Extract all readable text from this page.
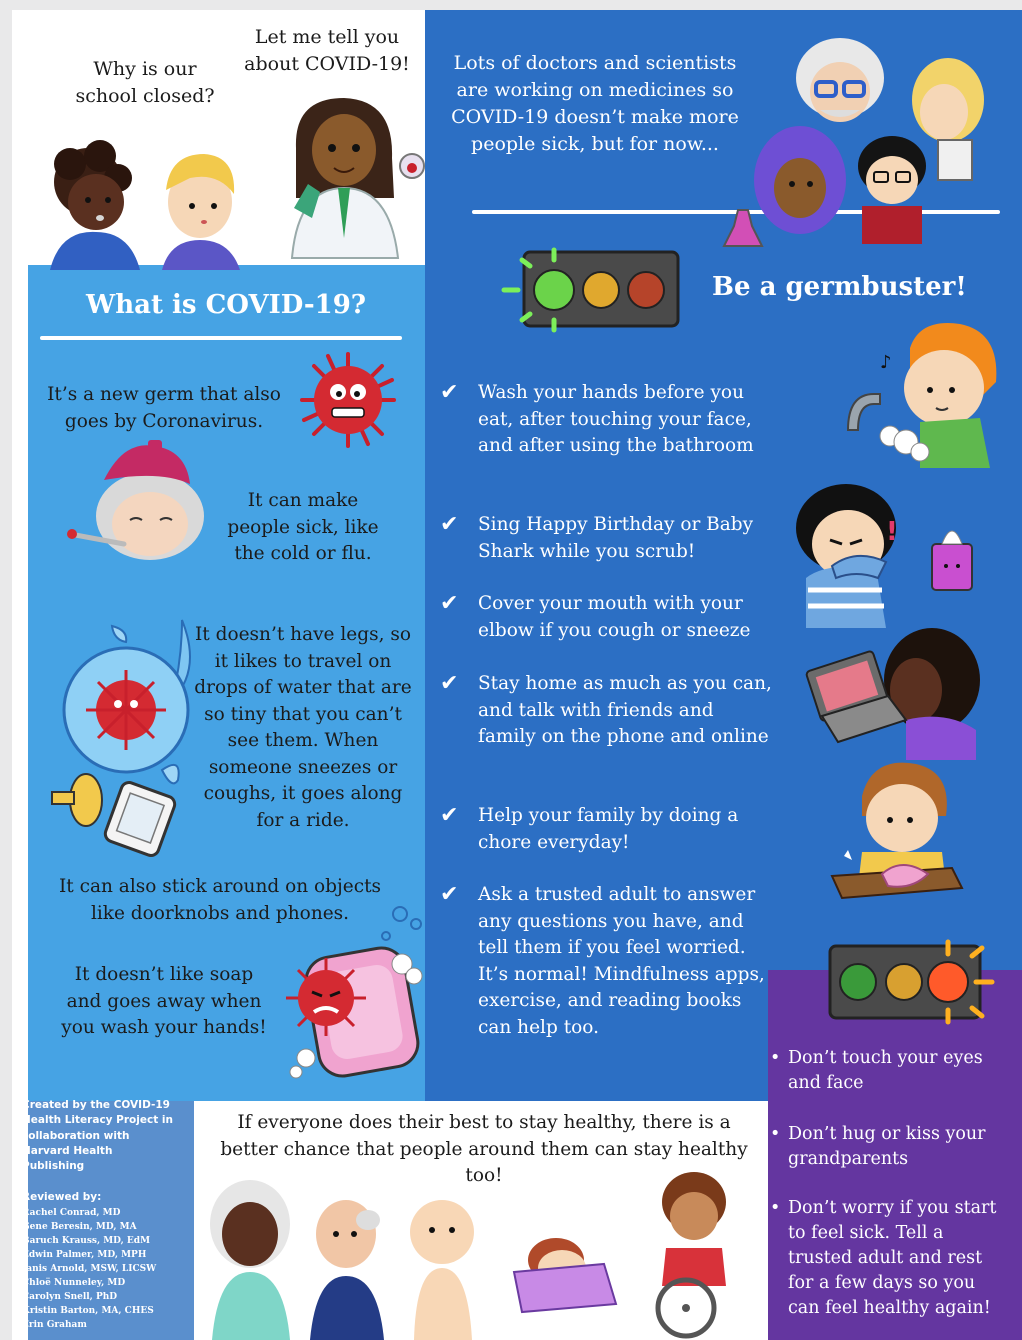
Why is our school closed?
Let me tell you about COVID-19!	Lots of doctors and scientists are working on medicines so COVID-19 doesn’t make more people sick, but for now...
What is COVID-19?
It’s a new germ that also goes by Coronavirus.
It can make people sick, like the cold or flu.
It doesn’t have legs, so it likes to travel on drops of water that are so tiny that you can’t see them. When someone sneezes or coughs, it goes along for a ride.
It can also stick around on objects like doorknobs and phones.
It doesn’t like soap and goes away when you wash your hands!
Be a germbuster!
✔	Wash your hands before you eat, after touching your face, and after using the bathroom
✔	Sing Happy Birthday or Baby Shark while you scrub!
✔	Cover your mouth with your elbow if you cough or sneeze
✔	Stay home as much as you can, and talk with friends and family on the phone and online
✔	Help your family by doing a chore everyday!
✔	Ask a trusted adult to answer any questions you have, and tell them if you feel worried. It’s normal! Mindfulness apps, exercise, and reading books can help too.
♪
!
• Don’t touch your eyes and face
• Don’t hug or kiss your grandparents
• Don’t worry if you start to feel sick. Tell a trusted adult and rest for a few days so you can feel healthy again!
Created by the COVID-19 Health Literacy Project in collaboration with Harvard Health Publishing
Reviewed by:
Rachel Conrad, MD
Gene Beresin, MD, MA
Baruch Krauss, MD, EdM
Edwin Palmer, MD, MPH
Janis Arnold, MSW, LICSW
Chloë Nunneley, MD
Carolyn Snell, PhD
Kristin Barton, MA, CHES
Erin Graham
If everyone does their best to stay healthy, there is a better chance that people around them can stay healthy too!
